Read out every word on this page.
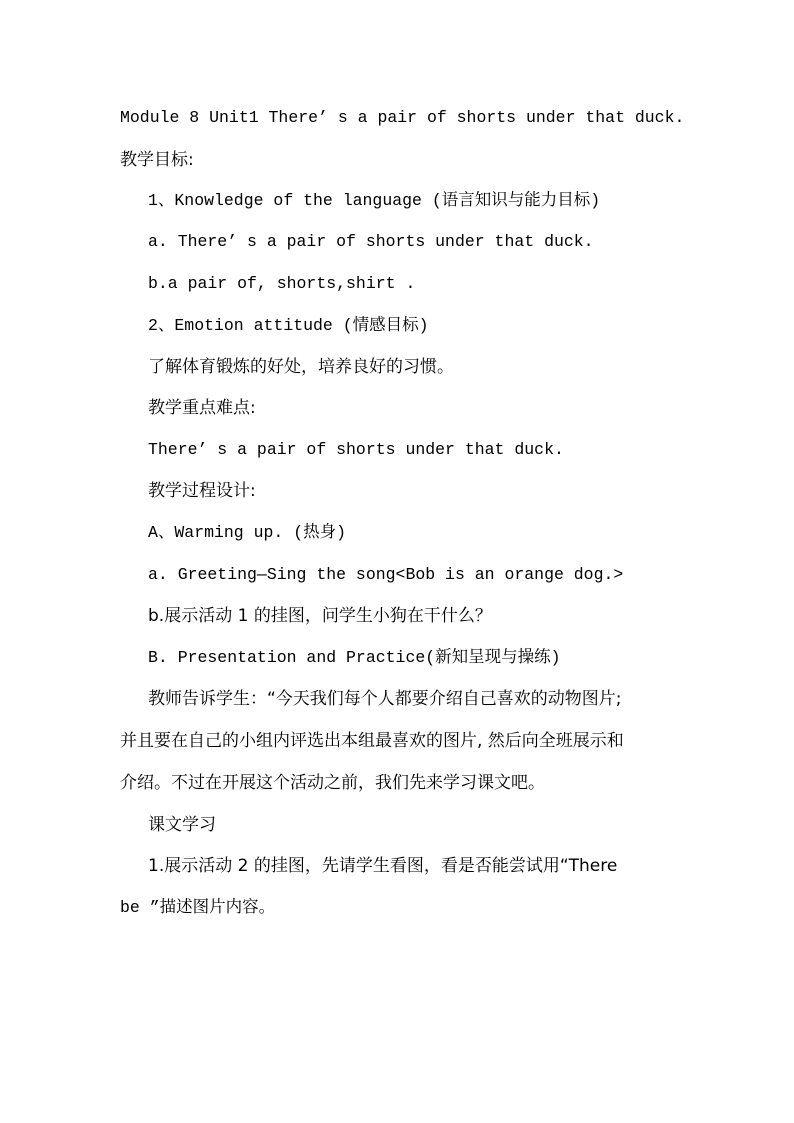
Module 8 Unit1 There’ s a pair of shorts under that duck.
教学目标:
1、Knowledge of the language (语言知识与能力目标)
a. There’ s a pair of shorts under that duck.
b.a pair of, shorts,shirt .
2、Emotion attitude (情感目标)
了解体育锻炼的好处，培养良好的习惯。
教学重点难点:
There’ s a pair of shorts under that duck.
教学过程设计:
A、Warming up. (热身)
a. Greeting—Sing the song<Bob is an orange dog.>
b.展示活动 1 的挂图，问学生小狗在干什么？
B. Presentation and Practice(新知呈现与操练)
教师告诉学生：“今天我们每个人都要介绍自己喜欢的动物图片;
并且要在自己的小组内评选出本组最喜欢的图片, 然后向全班展示和
介绍。不过在开展这个活动之前，我们先来学习课文吧。
课文学习
1.展示活动 2 的挂图，先请学生看图，看是否能尝试用“There
be ”描述图片内容。
